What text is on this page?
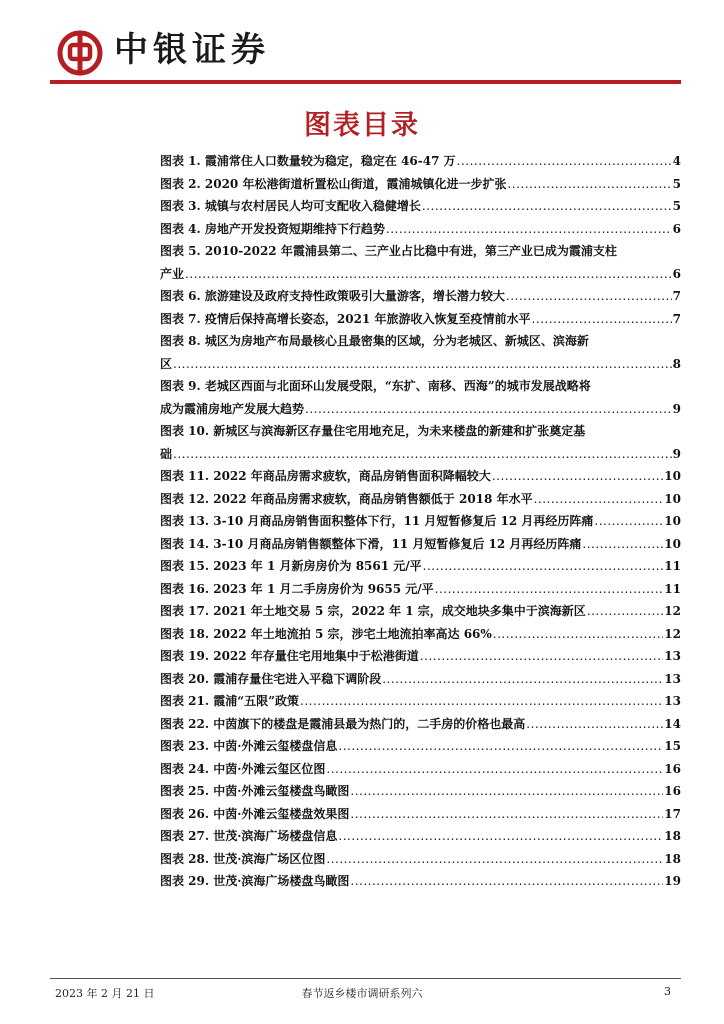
中银证券
图表目录
图表 1. 霞浦常住人口数量较为稳定，稳定在 46-47 万 .....	4
图表 2. 2020 年松港街道析置松山街道，霞浦城镇化进一步扩张 .....	5
图表 3. 城镇与农村居民人均可支配收入稳健增长 .....	5
图表 4. 房地产开发投资短期维持下行趋势 .....	6
图表 5. 2010-2022 年霞浦县第二、三产业占比稳中有进，第三产业已成为霞浦支柱
产业 .....	6
图表 6. 旅游建设及政府支持性政策吸引大量游客，增长潜力较大 .....	7
图表 7. 疫情后保持高增长姿态，2021 年旅游收入恢复至疫情前水平 .....	7
图表 8. 城区为房地产布局最核心且最密集的区域，分为老城区、新城区、滨海新
区 .....	8
图表 9. 老城区西面与北面环山发展受限，“东扩、南移、西海”的城市发展战略将
成为霞浦房地产发展大趋势 .....	9
图表 10. 新城区与滨海新区存量住宅用地充足，为未来楼盘的新建和扩张奠定基
础 .....	9
图表 11. 2022 年商品房需求疲软，商品房销售面积降幅较大 .....	10
图表 12. 2022 年商品房需求疲软，商品房销售额低于 2018 年水平 .....	10
图表 13. 3-10 月商品房销售面积整体下行，11 月短暂修复后 12 月再经历阵痛 .....	10
图表 14. 3-10 月商品房销售额整体下滑，11 月短暂修复后 12 月再经历阵痛 .....	10
图表 15. 2023 年 1 月新房房价为 8561 元/平 .....	11
图表 16. 2023 年 1 月二手房房价为 9655 元/平 .....	11
图表 17. 2021 年土地交易 5 宗，2022 年 1 宗，成交地块多集中于滨海新区 .....	12
图表 18. 2022 年土地流拍 5 宗，涉宅土地流拍率高达 66% .....	12
图表 19. 2022 年存量住宅用地集中于松港街道 .....	13
图表 20. 霞浦存量住宅进入平稳下调阶段 .....	13
图表 21. 霞浦“五限”政策 .....	13
图表 22. 中茵旗下的楼盘是霞浦县最为热门的，二手房的价格也最高 .....	14
图表 23. 中茵·外滩云玺楼盘信息 .....	15
图表 24. 中茵·外滩云玺区位图 .....	16
图表 25. 中茵·外滩云玺楼盘鸟瞰图 .....	16
图表 26. 中茵·外滩云玺楼盘效果图 .....	17
图表 27. 世茂·滨海广场楼盘信息 .....	18
图表 28. 世茂·滨海广场区位图 .....	18
图表 29. 世茂·滨海广场楼盘鸟瞰图 .....	19
2023 年 2 月 21 日	春节返乡楼市调研系列六	3
